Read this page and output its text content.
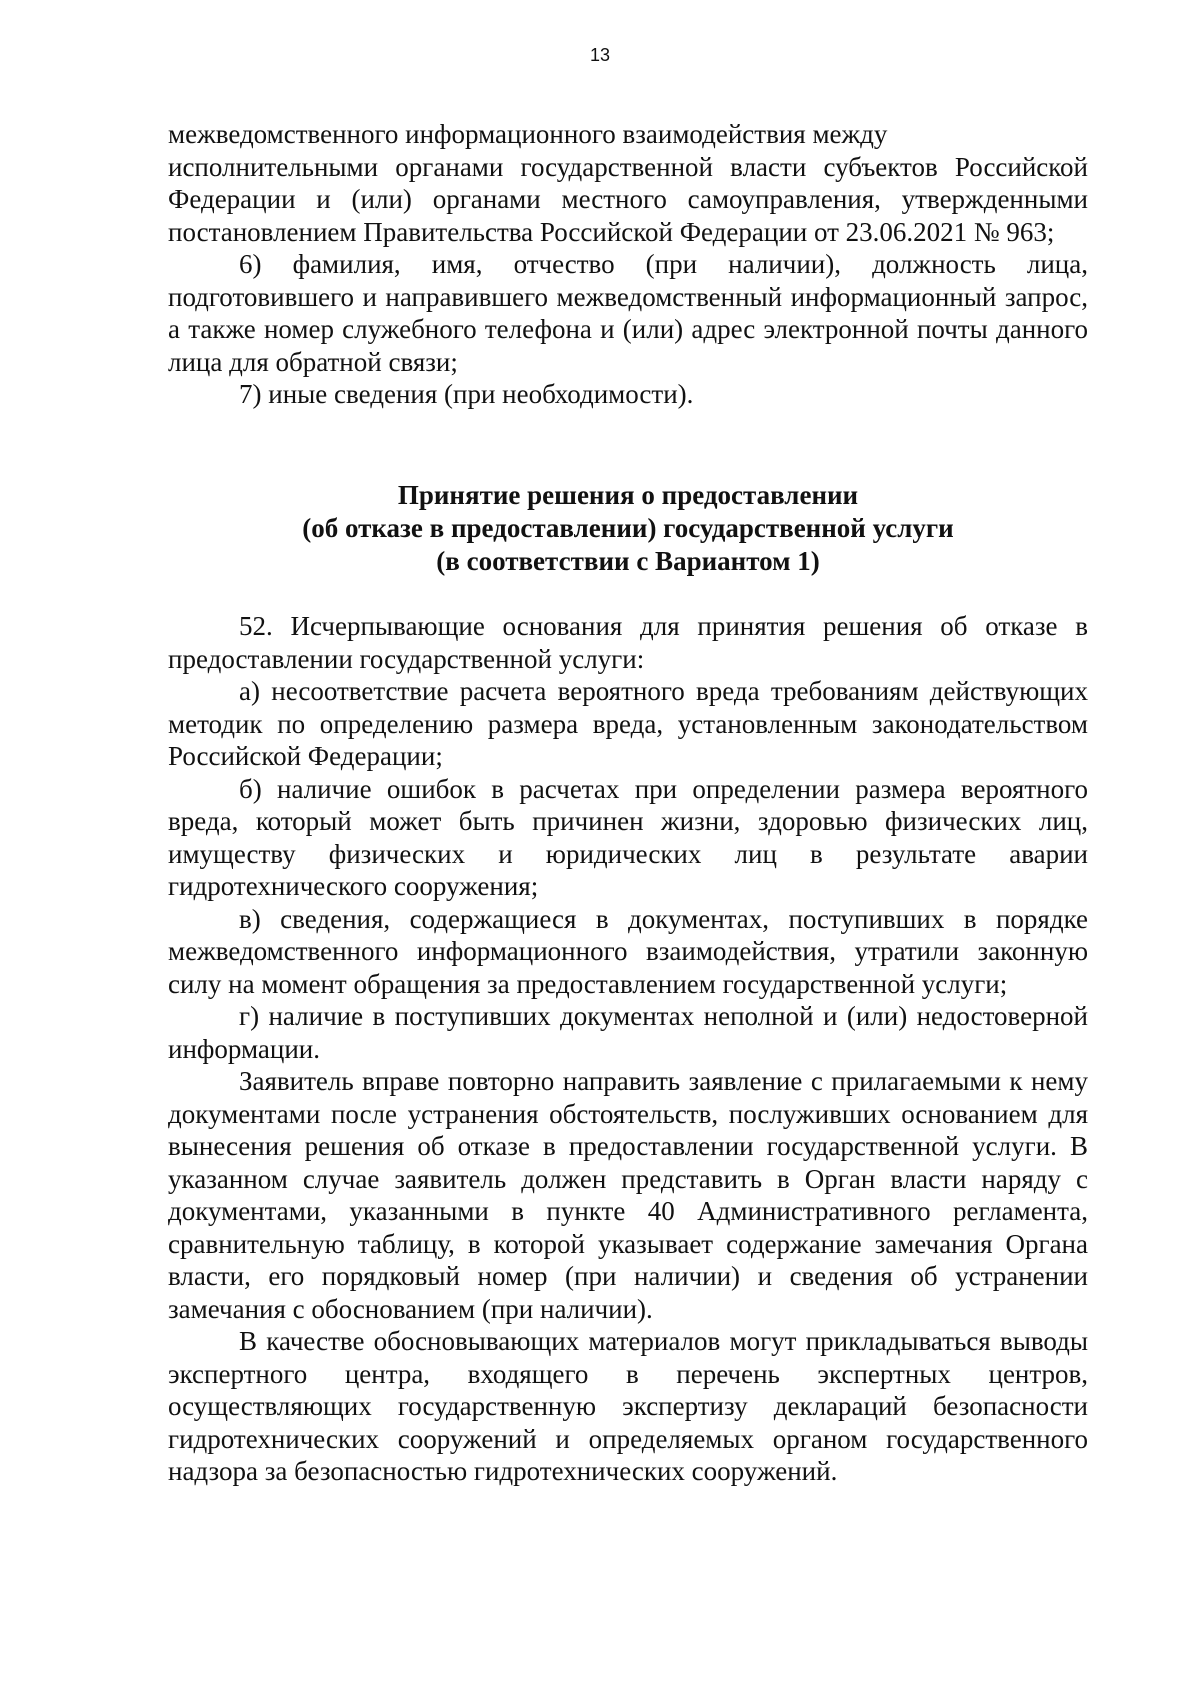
13

межведомственного информационного взаимодействия между

исполнительными органами государственной власти субъектов Российской Федерации и (или) органами местного самоуправления, утвержденными постановлением Правительства Российской Федерации от 23.06.2021 № 963;

6) фамилия, имя, отчество (при наличии), должность лица, подготовившего и направившего межведомственный информационный запрос, а также номер служебного телефона и (или) адрес электронной почты данного лица для обратной связи;

7) иные сведения (при необходимости).

Принятие решения о предоставлении
(об отказе в предоставлении) государственной услуги
(в соответствии с Вариантом 1)

52. Исчерпывающие основания для принятия решения об отказе в предоставлении государственной услуги:

а) несоответствие расчета вероятного вреда требованиям действующих методик по определению размера вреда, установленным законодательством Российской Федерации;

б) наличие ошибок в расчетах при определении размера вероятного вреда, который может быть причинен жизни, здоровью физических лиц, имуществу физических и юридических лиц в результате аварии гидротехнического сооружения;

в) сведения, содержащиеся в документах, поступивших в порядке межведомственного информационного взаимодействия, утратили законную силу на момент обращения за предоставлением государственной услуги;

г) наличие в поступивших документах неполной и (или) недостоверной информации.

Заявитель вправе повторно направить заявление с прилагаемыми к нему документами после устранения обстоятельств, послуживших основанием для вынесения решения об отказе в предоставлении государственной услуги. В указанном случае заявитель должен представить в Орган власти наряду с документами, указанными в пункте 40 Административного регламента, сравнительную таблицу, в которой указывает содержание замечания Органа власти, его порядковый номер (при наличии) и сведения об устранении замечания с обоснованием (при наличии).

В качестве обосновывающих материалов могут прикладываться выводы экспертного центра, входящего в перечень экспертных центров, осуществляющих государственную экспертизу деклараций безопасности гидротехнических сооружений и определяемых органом государственного надзора за безопасностью гидротехнических сооружений.
